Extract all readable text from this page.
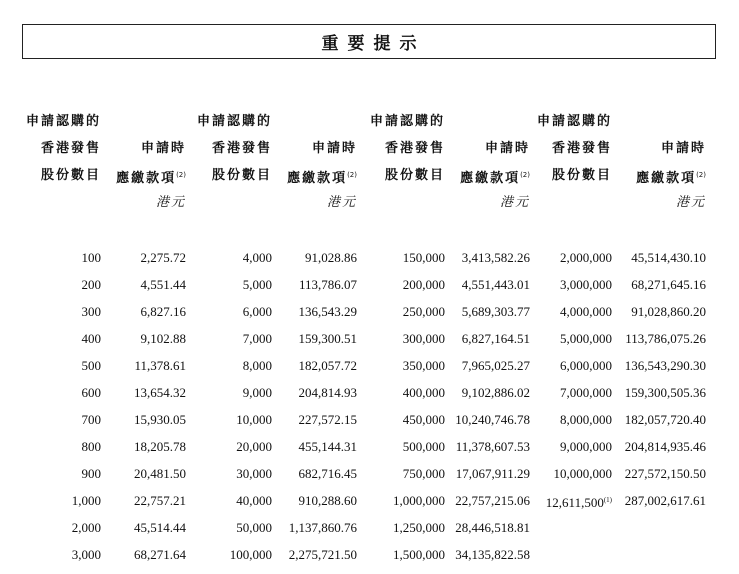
重要提示
申請認購的
香港發售
股份數目
申請時
應繳款項$^{(2)}$
港元
申請認購的
香港發售
股份數目
申請時
應繳款項$^{(2)}$
港元
申請認購的
香港發售
股份數目
申請時
應繳款項$^{(2)}$
港元
申請認購的
香港發售
股份數目
申請時
應繳款項$^{(2)}$
港元
100	2,275.72	4,000	91,028.86	150,000 3,413,582.26 2,000,000 45,514,430.10
200	4,551.44	5,000 113,786.07	200,000 4,551,443.01 3,000,000 68,271,645.16
300	6,827.16	6,000 136,543.29	250,000 5,689,303.77 4,000,000 91,028,860.20
400	9,102.88	7,000 159,300.51	300,000 6,827,164.51 5,000,000 113,786,075.26
500	11,378.61	8,000 182,057.72	350,000 7,965,025.27 6,000,000 136,543,290.30
600	13,654.32	9,000 204,814.93	400,000 9,102,886.02 7,000,000 159,300,505.36
700	15,930.05	10,000 227,572.15	450,000 10,240,746.78 8,000,000 182,057,720.40
800	18,205.78	20,000 455,144.31	500,000 11,378,607.53 9,000,000 204,814,935.46
900	20,481.50	30,000 682,716.45	750,000 17,067,911.29 10,000,000 227,572,150.50
1,000	22,757.21	40,000 910,288.60	1,000,000 22,757,215.06 12,611,500$^{(1)}$ 287,002,617.61
2,000	45,514.44	50,000 1,137,860.76	1,250,000 28,446,518.81
3,000	68,271.64	100,000 2,275,721.50	1,500,000 34,135,822.58
